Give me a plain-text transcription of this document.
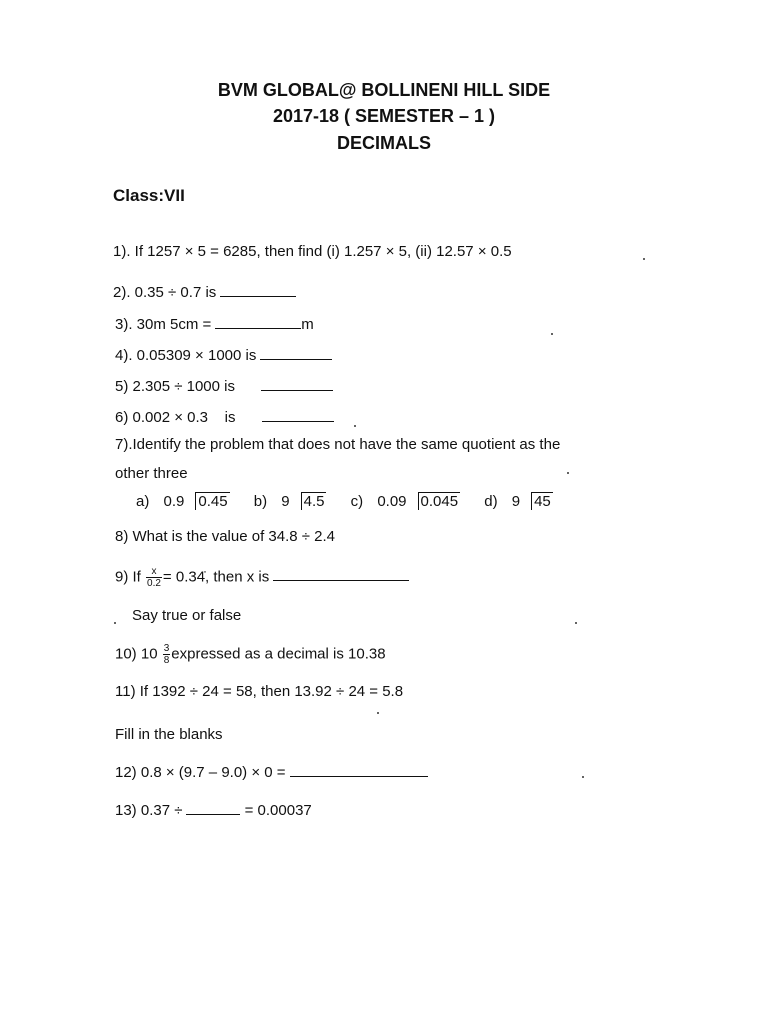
BVM GLOBAL@ BOLLINENI HILL SIDE
2017-18 ( SEMESTER – 1 )
DECIMALS
Class:VII
1). If 1257 × 5 = 6285, then find (i) 1.257 × 5, (ii) 12.57 × 0.5
2). 0.35 ÷ 0.7 is
3). 30m 5cm =	m
4). 0.05309 × 1000 is
5) 2.305 ÷ 1000 is
6) 0.002 × 0.3    is
7).Identify the problem that does not have the same quotient as the
other three
a) 0.9 0.45 b) 9 4.5 c) 0.09 0.045 d) 9 45
8) What is the value of 34.8 ÷ 2.4
9) If $\frac{x}{0.2}$ = 0.34̇, then x is
Say true or false
10) $10 \frac{3}{8}$ expressed as a decimal is 10.38
11) If 1392 ÷ 24 = 58, then 13.92 ÷ 24 = 5.8
Fill in the blanks
12) 0.8 × (9.7 – 9.0) × 0 =
13) 0.37 ÷	= 0.00037
